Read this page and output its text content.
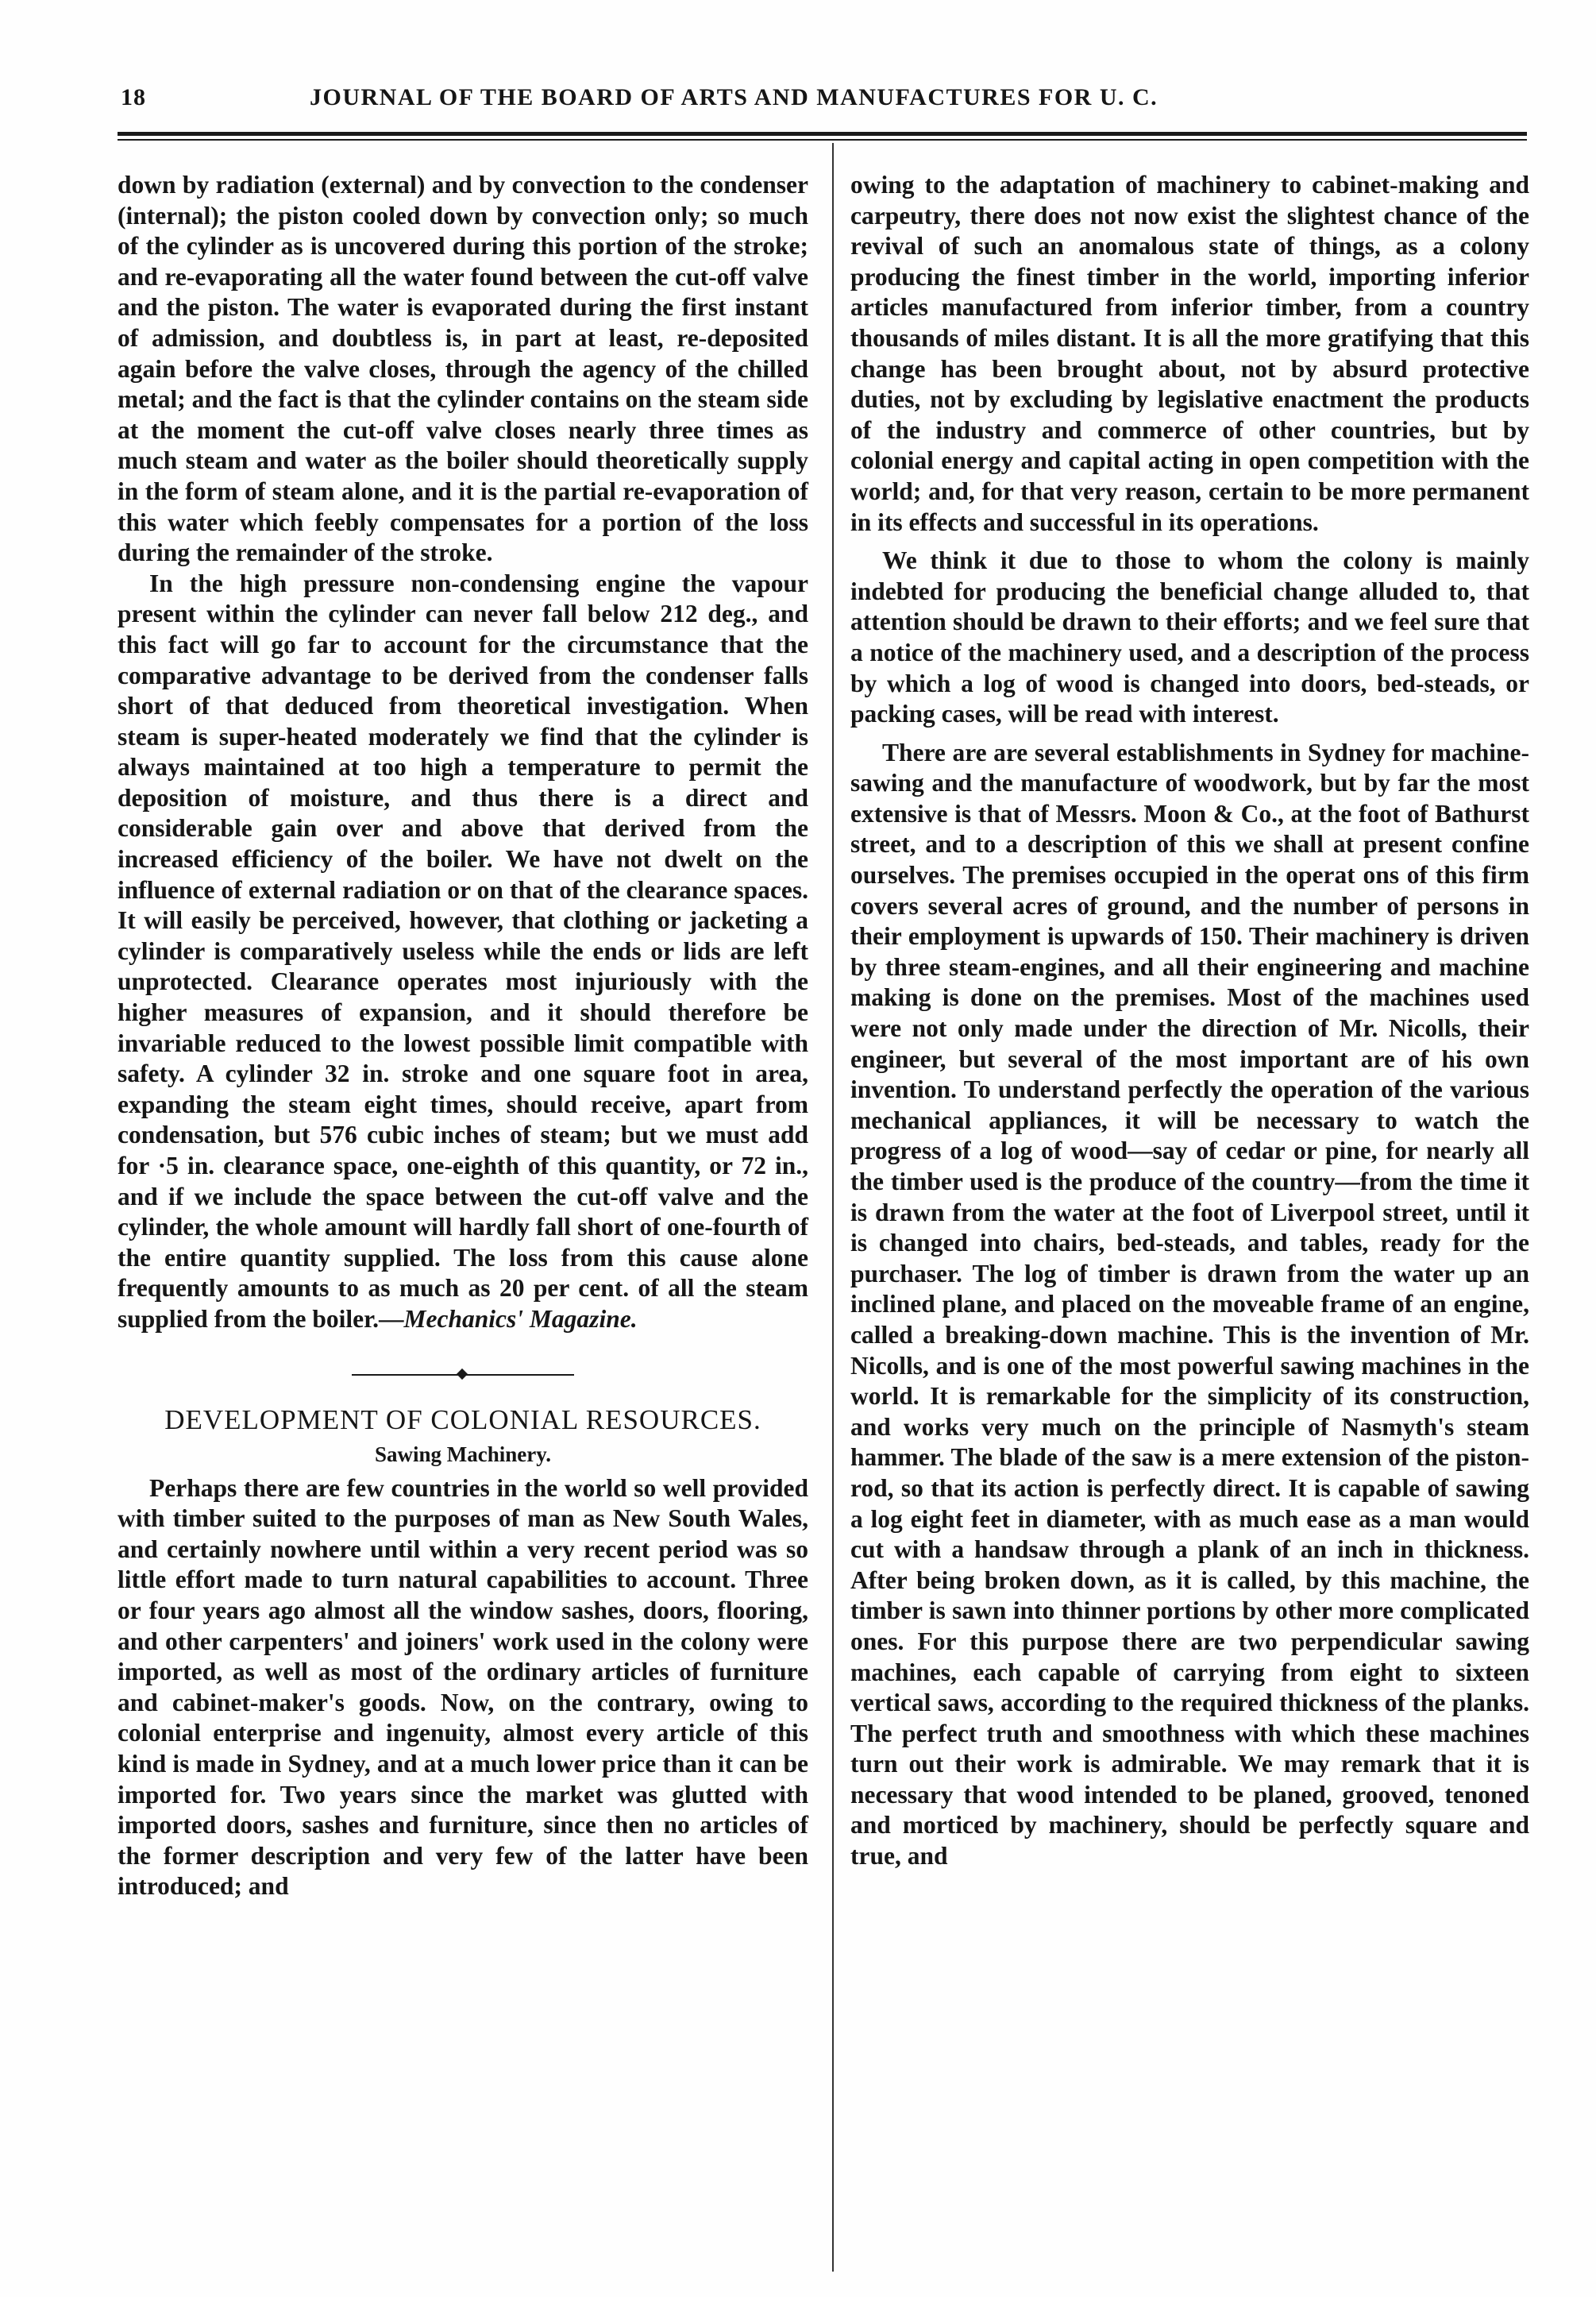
18	JOURNAL OF THE BOARD OF ARTS AND MANUFACTURES FOR U. C.

down by radiation (external) and by convection to the condenser (internal); the piston cooled down by convection only; so much of the cylinder as is uncovered during this portion of the stroke; and re-evaporating all the water found between the cut-off valve and the piston. The water is evaporated during the first instant of admission, and doubtless is, in part at least, re-deposited again before the valve closes, through the agency of the chilled metal; and the fact is that the cylinder contains on the steam side at the moment the cut-off valve closes nearly three times as much steam and water as the boiler should theoretically supply in the form of steam alone, and it is the partial re-evaporation of this water which feebly compensates for a portion of the loss during the remainder of the stroke.

In the high pressure non-condensing engine the vapour present within the cylinder can never fall below 212 deg., and this fact will go far to account for the circumstance that the comparative advantage to be derived from the condenser falls short of that deduced from theoretical investigation. When steam is super-heated moderately we find that the cylinder is always maintained at too high a temperature to permit the deposition of moisture, and thus there is a direct and considerable gain over and above that derived from the increased efficiency of the boiler. We have not dwelt on the influence of external radiation or on that of the clearance spaces. It will easily be perceived, however, that clothing or jacketing a cylinder is comparatively useless while the ends or lids are left unprotected. Clearance operates most injuriously with the higher measures of expansion, and it should therefore be invariable reduced to the lowest possible limit compatible with safety. A cylinder 32 in. stroke and one square foot in area, expanding the steam eight times, should receive, apart from condensation, but 576 cubic inches of steam; but we must add for ·5 in. clearance space, one-eighth of this quantity, or 72 in., and if we include the space between the cut-off valve and the cylinder, the whole amount will hardly fall short of one-fourth of the entire quantity supplied. The loss from this cause alone frequently amounts to as much as 20 per cent. of all the steam supplied from the boiler.—Mechanics' Magazine.

DEVELOPMENT OF COLONIAL RESOURCES.
Sawing Machinery.

Perhaps there are few countries in the world so well provided with timber suited to the purposes of man as New South Wales, and certainly nowhere until within a very recent period was so little effort made to turn natural capabilities to account. Three or four years ago almost all the window sashes, doors, flooring, and other carpenters' and joiners' work used in the colony were imported, as well as most of the ordinary articles of furniture and cabinet-maker's goods. Now, on the contrary, owing to colonial enterprise and ingenuity, almost every article of this kind is made in Sydney, and at a much lower price than it can be imported for. Two years since the market was glutted with imported doors, sashes and furniture, since then no articles of the former description and very few of the latter have been introduced; and

owing to the adaptation of machinery to cabinet-making and carpeutry, there does not now exist the slightest chance of the revival of such an anomalous state of things, as a colony producing the finest timber in the world, importing inferior articles manufactured from inferior timber, from a country thousands of miles distant. It is all the more gratifying that this change has been brought about, not by absurd protective duties, not by excluding by legislative enactment the products of the industry and commerce of other countries, but by colonial energy and capital acting in open competition with the world; and, for that very reason, certain to be more permanent in its effects and successful in its operations.

We think it due to those to whom the colony is mainly indebted for producing the beneficial change alluded to, that attention should be drawn to their efforts; and we feel sure that a notice of the machinery used, and a description of the process by which a log of wood is changed into doors, bed-steads, or packing cases, will be read with interest.

There are are several establishments in Sydney for machine-sawing and the manufacture of woodwork, but by far the most extensive is that of Messrs. Moon & Co., at the foot of Bathurst street, and to a description of this we shall at present confine ourselves. The premises occupied in the operat ons of this firm covers several acres of ground, and the number of persons in their employment is upwards of 150. Their machinery is driven by three steam-engines, and all their engineering and machine making is done on the premises. Most of the machines used were not only made under the direction of Mr. Nicolls, their engineer, but several of the most important are of his own invention. To understand perfectly the operation of the various mechanical appliances, it will be necessary to watch the progress of a log of wood—say of cedar or pine, for nearly all the timber used is the produce of the country—from the time it is drawn from the water at the foot of Liverpool street, until it is changed into chairs, bed-steads, and tables, ready for the purchaser. The log of timber is drawn from the water up an inclined plane, and placed on the moveable frame of an engine, called a breaking-down machine. This is the invention of Mr. Nicolls, and is one of the most powerful sawing machines in the world. It is remarkable for the simplicity of its construction, and works very much on the principle of Nasmyth's steam hammer. The blade of the saw is a mere extension of the piston-rod, so that its action is perfectly direct. It is capable of sawing a log eight feet in diameter, with as much ease as a man would cut with a handsaw through a plank of an inch in thickness. After being broken down, as it is called, by this machine, the timber is sawn into thinner portions by other more complicated ones. For this purpose there are two perpendicular sawing machines, each capable of carrying from eight to sixteen vertical saws, according to the required thickness of the planks. The perfect truth and smoothness with which these machines turn out their work is admirable. We may remark that it is necessary that wood intended to be planed, grooved, tenoned and morticed by machinery, should be perfectly square and true, and
